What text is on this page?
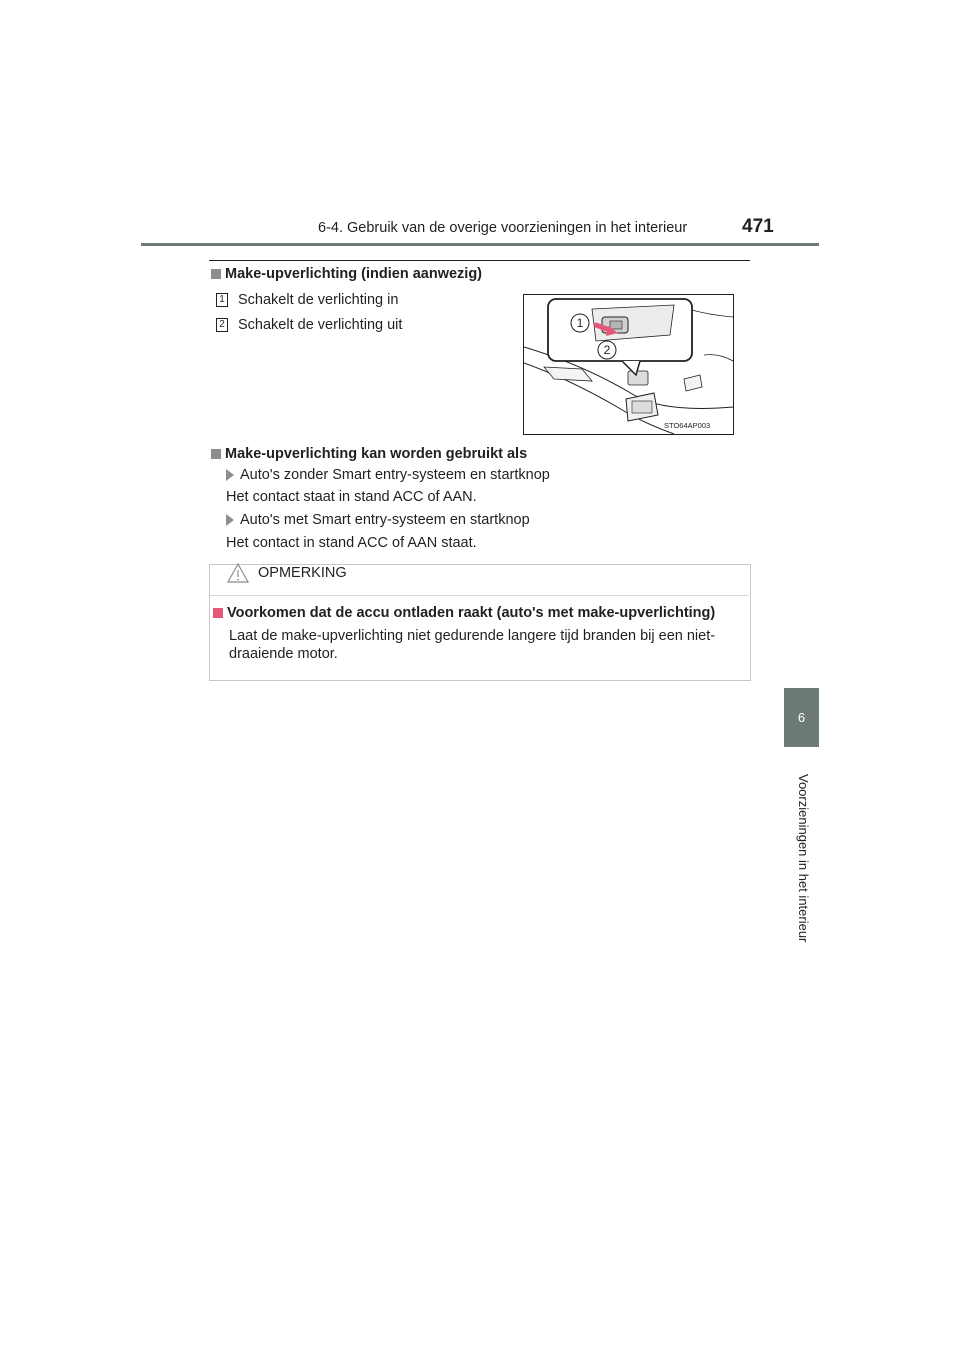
6-4. Gebruik van de overige voorzieningen in het interieur	471
6
Voorzieningen in het interieur
Make-upverlichting (indien aanwezig)
1 Schakelt de verlichting in
2 Schakelt de verlichting uit	1
2
STO64AP003
Make-upverlichting kan worden gebruikt als
Auto's zonder Smart entry-systeem en startknop
Het contact staat in stand ACC of AAN.
Auto's met Smart entry-systeem en startknop
Het contact in stand ACC of AAN staat.
OPMERKING
Voorkomen dat de accu ontladen raakt (auto's met make-upverlichting)
Laat de make-upverlichting niet gedurende langere tijd branden bij een niet-
draaiende motor.
